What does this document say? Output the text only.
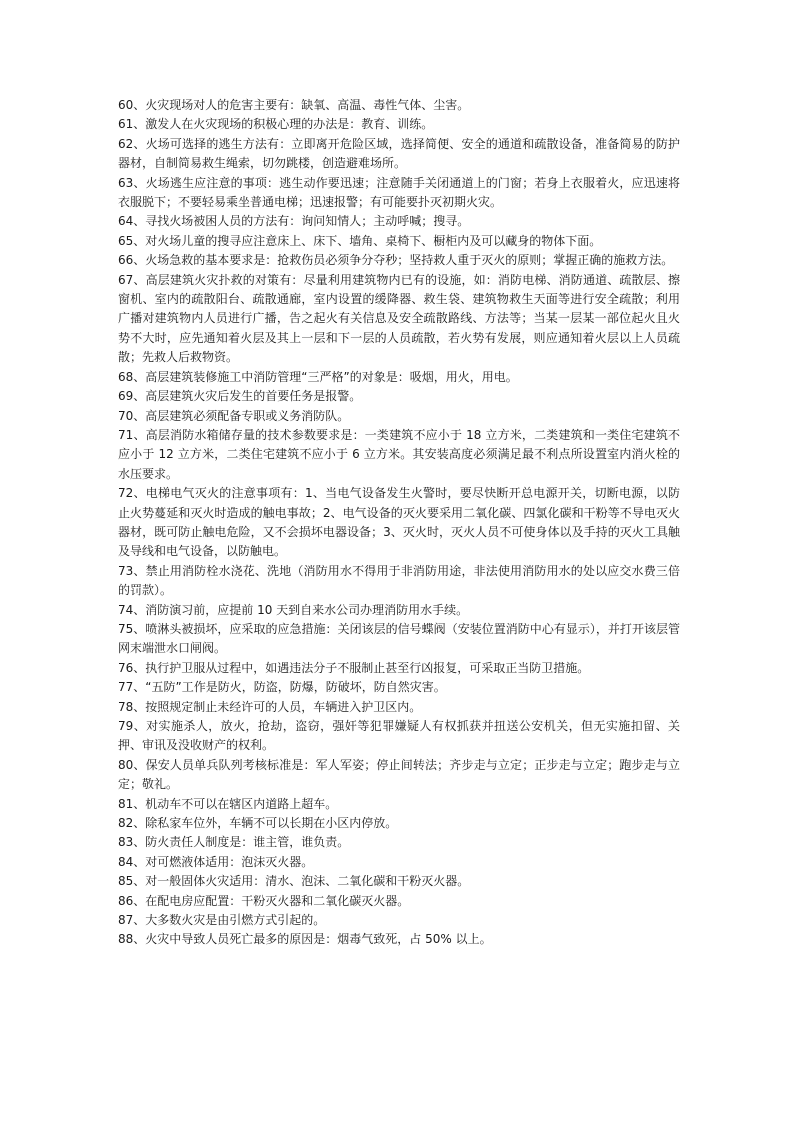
60、火灾现场对人的危害主要有：缺氧、高温、毒性气体、尘害。

61、激发人在火灾现场的积极心理的办法是：教育、训练。

62、火场可选择的逃生方法有：立即离开危险区域，选择简便、安全的通道和疏散设备，准备简易的防护器材，自制简易救生绳索，切勿跳楼，创造避难场所。

63、火场逃生应注意的事项：逃生动作要迅速；注意随手关闭通道上的门窗；若身上衣服着火，应迅速将衣服脱下；不要轻易乘坐普通电梯；迅速报警；有可能要扑灭初期火灾。

64、寻找火场被困人员的方法有：询问知情人；主动呼喊；搜寻。

65、对火场儿童的搜寻应注意床上、床下、墙角、桌椅下、橱柜内及可以藏身的物体下面。

66、火场急救的基本要求是：抢救伤员必须争分夺秒；坚持救人重于灭火的原则；掌握正确的施救方法。

67、高层建筑火灾扑救的对策有：尽量利用建筑物内已有的设施，如：消防电梯、消防通道、疏散层、擦窗机、室内的疏散阳台、疏散通廊，室内设置的缓降器、救生袋、建筑物救生天面等进行安全疏散；利用广播对建筑物内人员进行广播，告之起火有关信息及安全疏散路线、方法等；当某一层某一部位起火且火势不大时，应先通知着火层及其上一层和下一层的人员疏散，若火势有发展，则应通知着火层以上人员疏散；先救人后救物资。

68、高层建筑装修施工中消防管理“三严格”的对象是：吸烟，用火，用电。

69、高层建筑火灾后发生的首要任务是报警。

70、高层建筑必须配备专职或义务消防队。

71、高层消防水箱储存量的技术参数要求是：一类建筑不应小于 18 立方米，二类建筑和一类住宅建筑不应小于 12 立方米，二类住宅建筑不应小于 6 立方米。其安装高度必须满足最不利点所设置室内消火栓的水压要求。

72、电梯电气灭火的注意事项有：1、当电气设备发生火警时，要尽快断开总电源开关，切断电源，以防止火势蔓延和灭火时造成的触电事故；2、电气设备的灭火要采用二氧化碳、四氯化碳和干粉等不导电灭火器材，既可防止触电危险，又不会损坏电器设备；3、灭火时，灭火人员不可使身体以及手持的灭火工具触及导线和电气设备，以防触电。

73、禁止用消防栓水浇花、洗地（消防用水不得用于非消防用途，非法使用消防用水的处以应交水费三倍的罚款）。

74、消防演习前，应提前 10 天到自来水公司办理消防用水手续。

75、喷淋头被损坏，应采取的应急措施：关闭该层的信号蝶阀（安装位置消防中心有显示），并打开该层管网末端泄水口闸阀。

76、执行护卫服从过程中，如遇违法分子不服制止甚至行凶报复，可采取正当防卫措施。

77、“五防”工作是防火，防盗，防爆，防破坏，防自然灾害。

78、按照规定制止未经许可的人员，车辆进入护卫区内。

79、对实施杀人，放火，抢劫，盗窃，强奸等犯罪嫌疑人有权抓获并扭送公安机关，但无实施扣留、关押、审讯及没收财产的权利。

80、保安人员单兵队列考核标准是：军人军姿；停止间转法；齐步走与立定；正步走与立定；跑步走与立定；敬礼。

81、机动车不可以在辖区内道路上超车。

82、除私家车位外，车辆不可以长期在小区内停放。

83、防火责任人制度是：谁主管，谁负责。

84、对可燃液体适用：泡沫灭火器。

85、对一般固体火灾适用：清水、泡沫、二氧化碳和干粉灭火器。

86、在配电房应配置：干粉灭火器和二氧化碳灭火器。

87、大多数火灾是由引燃方式引起的。

88、火灾中导致人员死亡最多的原因是：烟毒气致死，占 50% 以上。
